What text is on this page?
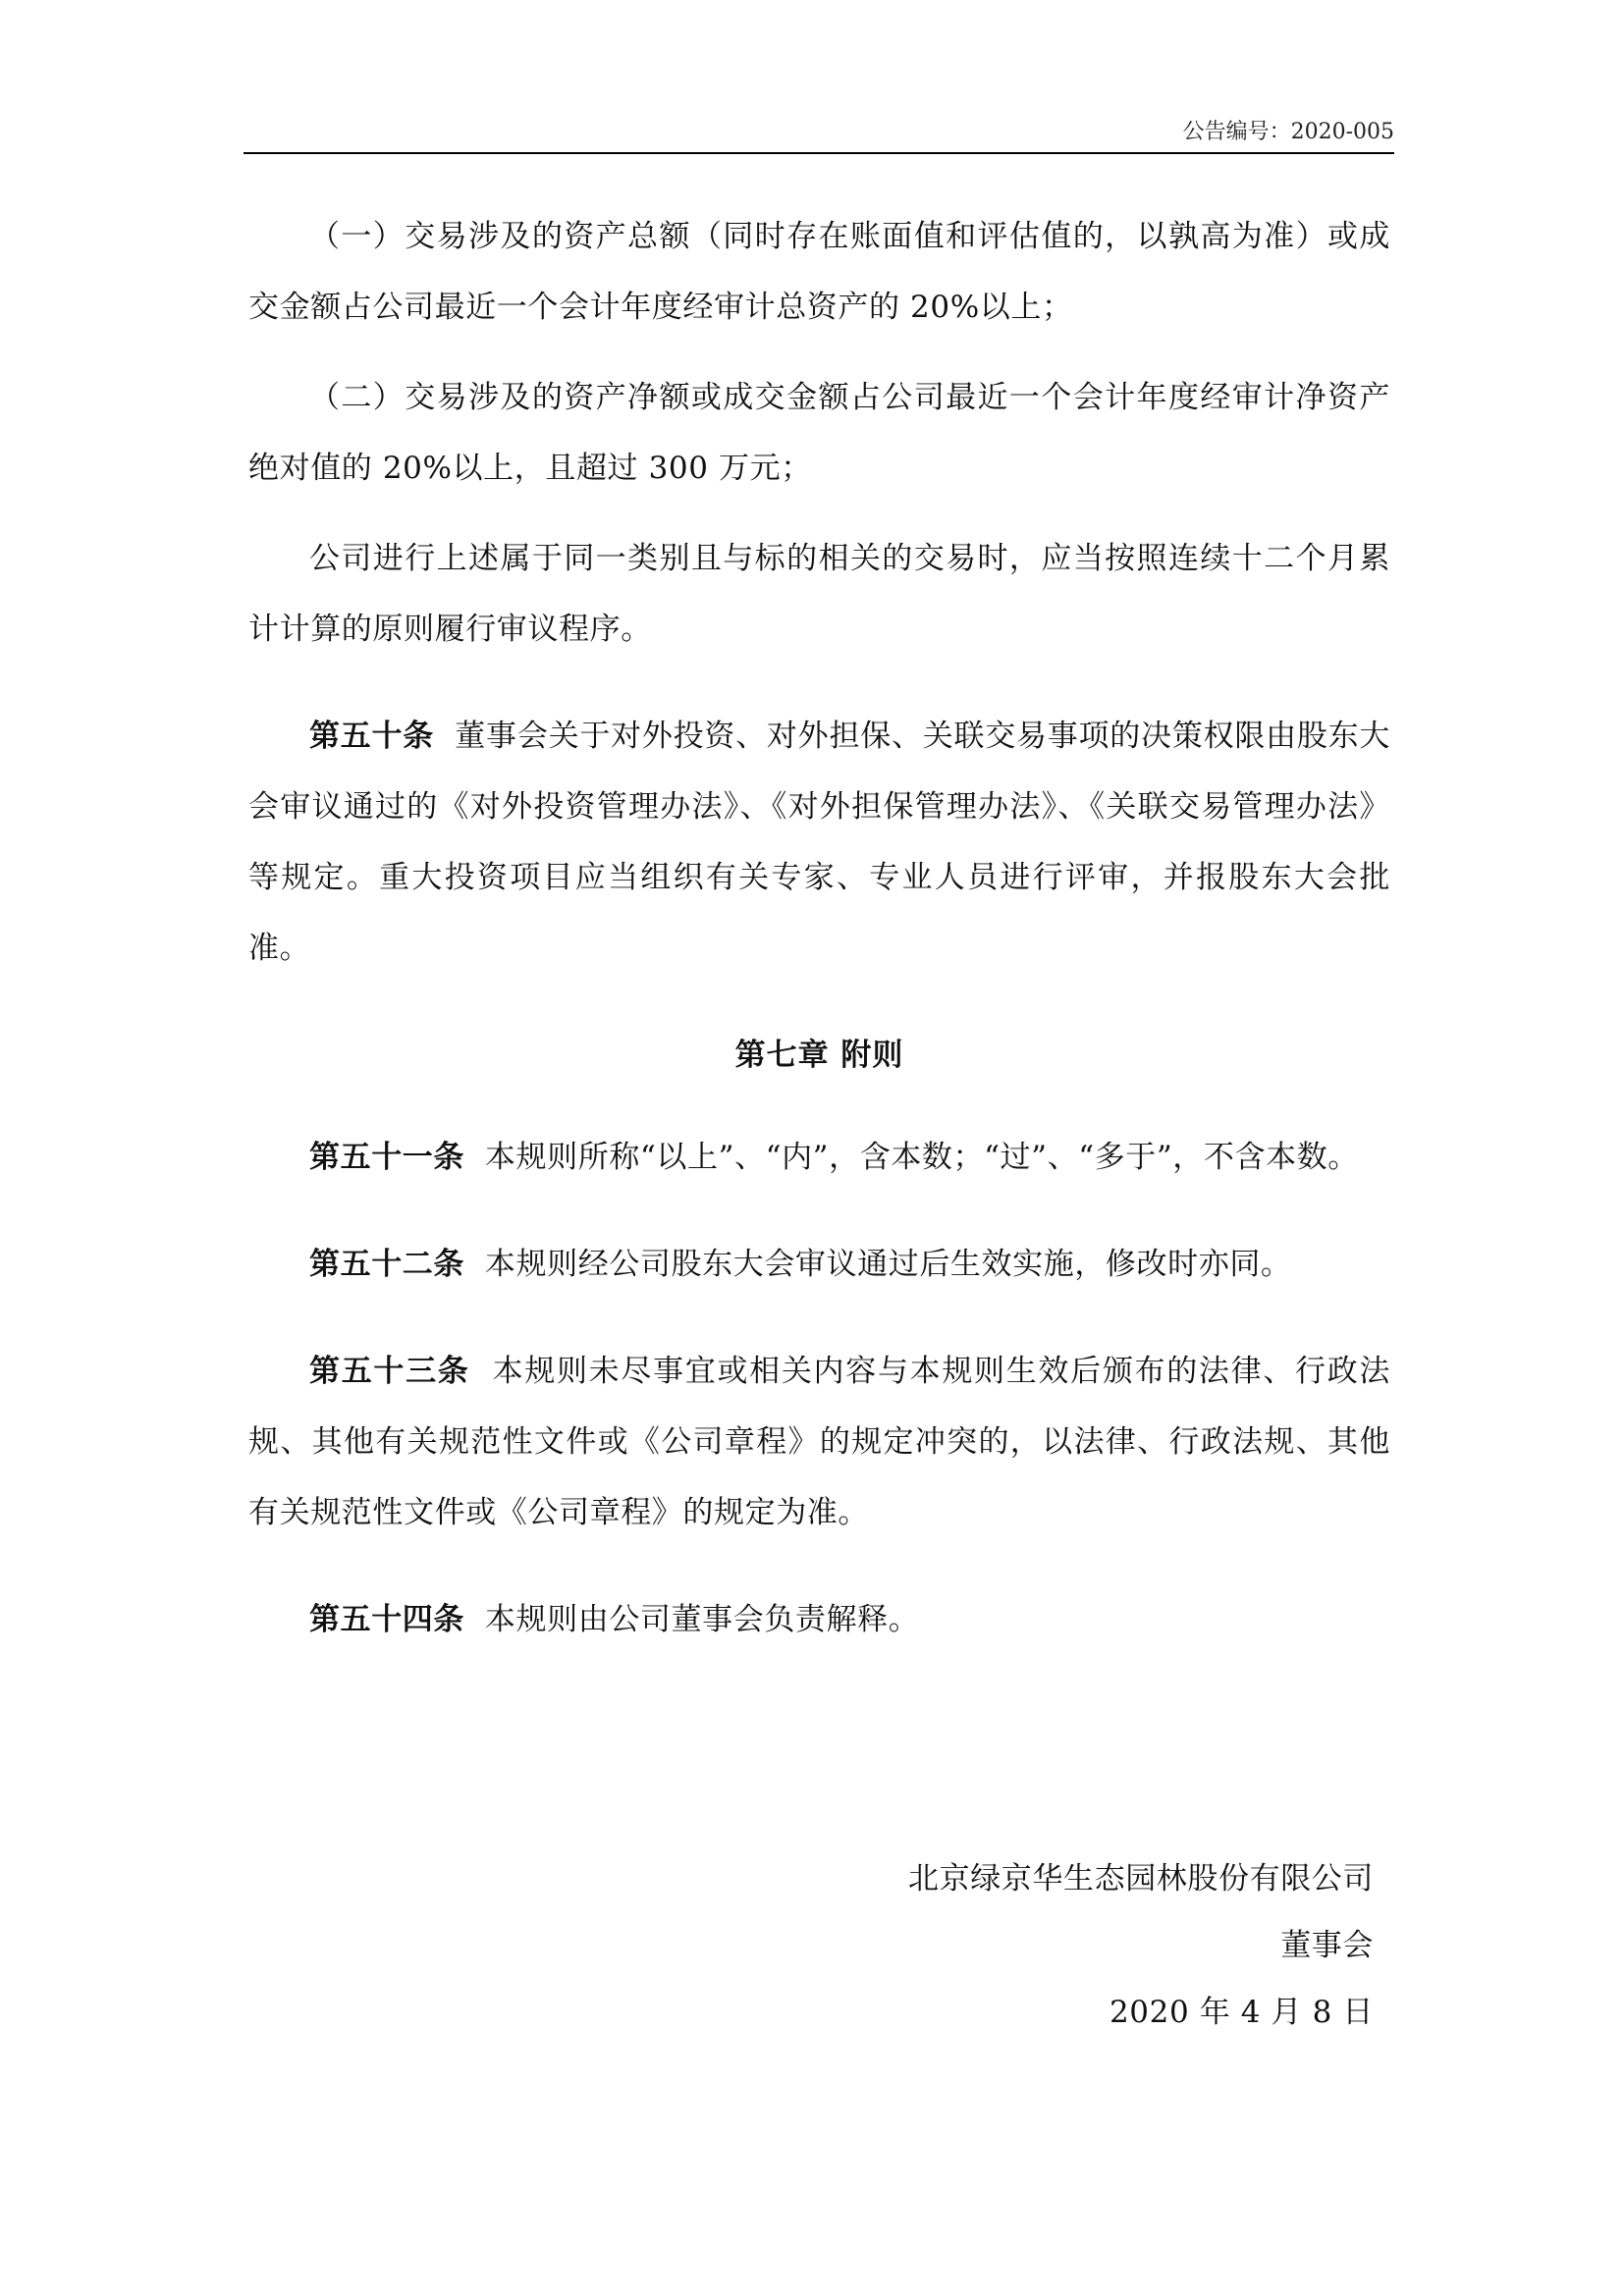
公告编号：2020-005

（一）交易涉及的资产总额（同时存在账面值和评估值的，以孰高为准）或成交金额占公司最近一个会计年度经审计总资产的 20%以上；

（二）交易涉及的资产净额或成交金额占公司最近一个会计年度经审计净资产绝对值的 20%以上，且超过 300 万元；

公司进行上述属于同一类别且与标的相关的交易时，应当按照连续十二个月累计计算的原则履行审议程序。

第五十条 董事会关于对外投资、对外担保、关联交易事项的决策权限由股东大会审议通过的《对外投资管理办法》、《对外担保管理办法》、《关联交易管理办法》等规定。重大投资项目应当组织有关专家、专业人员进行评审，并报股东大会批准。

第七章 附则

第五十一条 本规则所称“以上”、“内”，含本数；“过”、“多于”，不含本数。

第五十二条 本规则经公司股东大会审议通过后生效实施，修改时亦同。

第五十三条 本规则未尽事宜或相关内容与本规则生效后颁布的法律、行政法规、其他有关规范性文件或《公司章程》的规定冲突的，以法律、行政法规、其他有关规范性文件或《公司章程》的规定为准。

第五十四条 本规则由公司董事会负责解释。

北京绿京华生态园林股份有限公司
董事会
2020 年 4 月 8 日
